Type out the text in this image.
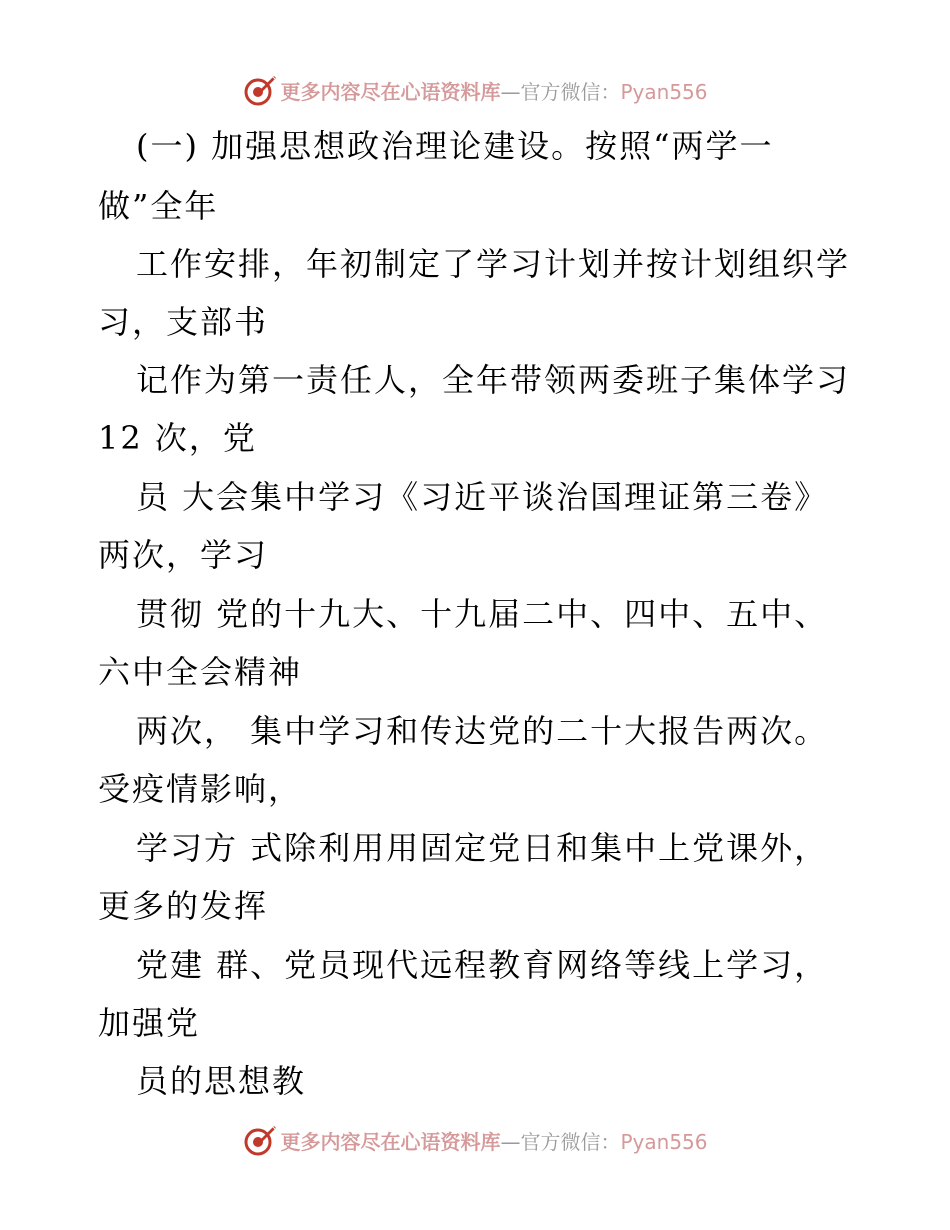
更多内容尽在心语资料库—官方微信：Pyan556
(一) 加强思想政治理论建设。按照“两学一
做”全年
工作安排，年初制定了学习计划并按计划组织学
习，支部书
记作为第一责任人，全年带领两委班子集体学习
12 次，党
员 大会集中学习《习近平谈治国理证第三卷》
两次，学习
贯彻 党的十九大、十九届二中、四中、五中、
六中全会精神
两次， 集中学习和传达党的二十大报告两次。
受疫情影响，
学习方 式除利用用固定党日和集中上党课外，
更多的发挥
党建 群、党员现代远程教育网络等线上学习，
加强党
员的思想教
更多内容尽在心语资料库—官方微信：Pyan556
